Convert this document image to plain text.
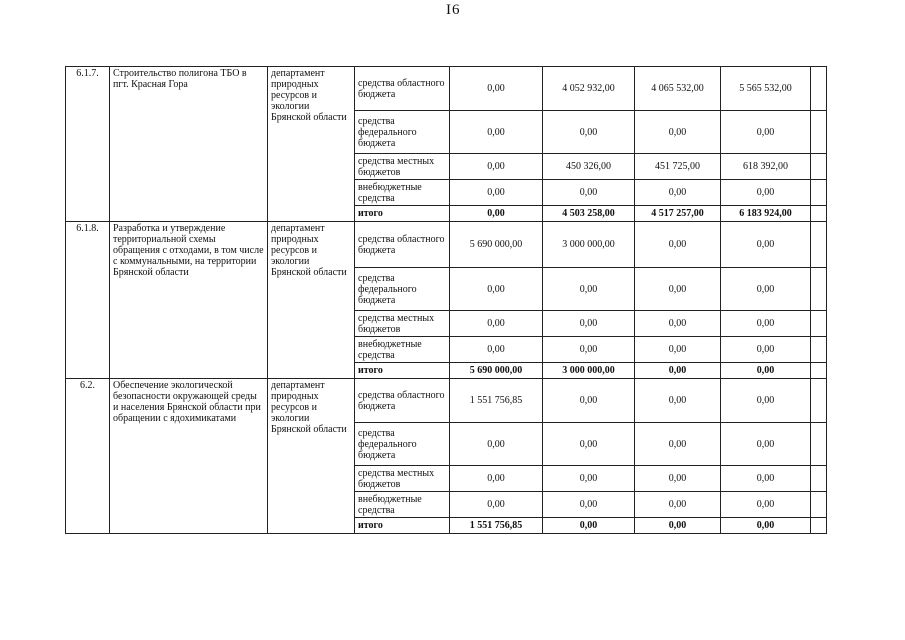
I6
6.1.7.	Строительство полигона ТБО в пгт. Красная Гора	департамент природных ресурсов и экологии Брянской области	средства областного бюджета	0,00	4 052 932,00	4 065 532,00	5 565 532,00	
			средства федерального бюджета	0,00	0,00	0,00	0,00	
			средства местных бюджетов	0,00	450 326,00	451 725,00	618 392,00	
			внебюджетные средства	0,00	0,00	0,00	0,00	
			итого	0,00	4 503 258,00	4 517 257,00	6 183 924,00	
6.1.8.	Разработка и утверждение территориальной схемы обращения с отходами, в том числе с коммунальными, на территории Брянской области	департамент природных ресурсов и экологии Брянской области	средства областного бюджета	5 690 000,00	3 000 000,00	0,00	0,00	
			средства федерального бюджета	0,00	0,00	0,00	0,00	
			средства местных бюджетов	0,00	0,00	0,00	0,00	
			внебюджетные средства	0,00	0,00	0,00	0,00	
			итого	5 690 000,00	3 000 000,00	0,00	0,00	
6.2.	Обеспечение экологической безопасности окружающей среды и населения Брянской области при обращении с ядохимикатами	департамент природных ресурсов и экологии Брянской области	средства областного бюджета	1 551 756,85	0,00	0,00	0,00	
			средства федерального бюджета	0,00	0,00	0,00	0,00	
			средства местных бюджетов	0,00	0,00	0,00	0,00	
			внебюджетные средства	0,00	0,00	0,00	0,00	
			итого	1 551 756,85	0,00	0,00	0,00	
